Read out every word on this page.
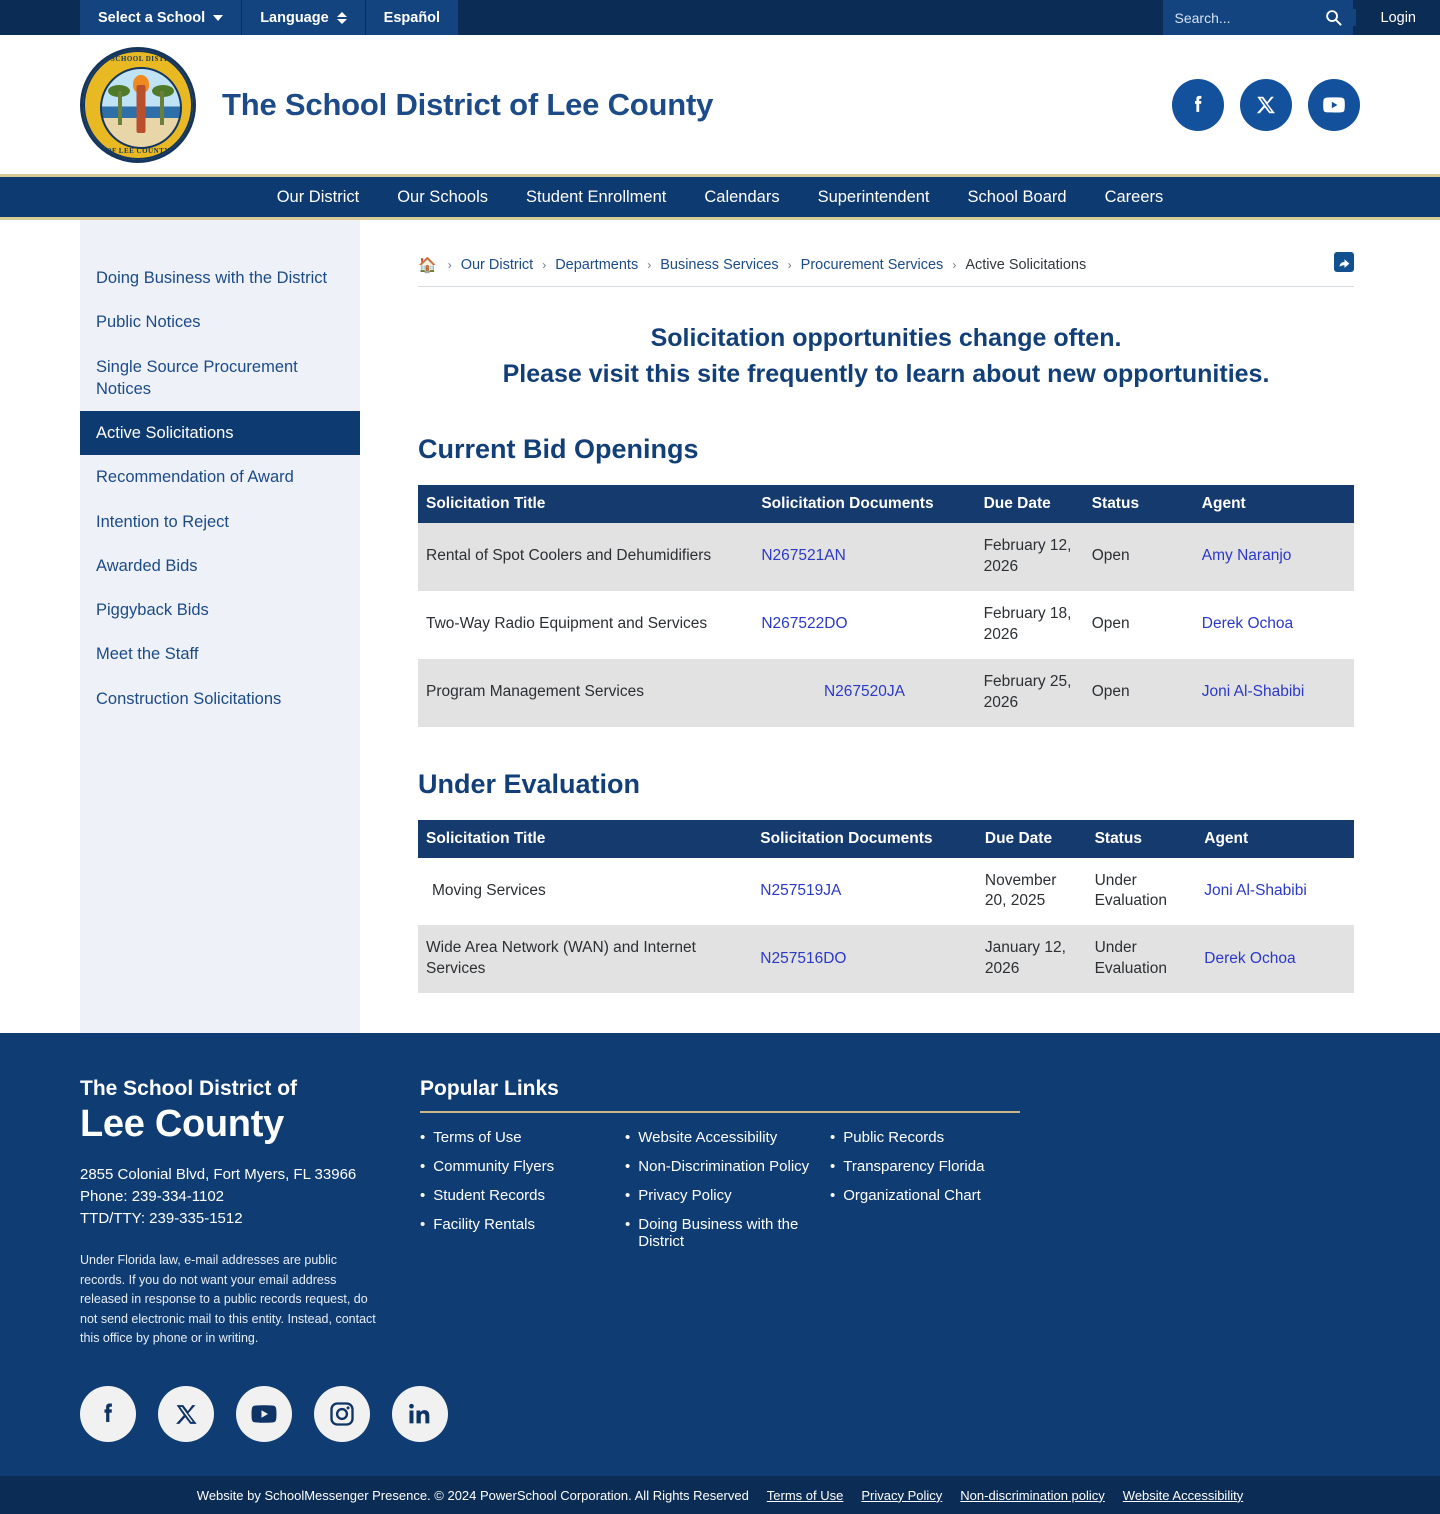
Select a School	Language	Español
Search...	Login
THE SCHOOL DISTRICT
OF LEE COUNTY
The School District of Lee County
Our District	Our Schools	Student Enrollment	Calendars	Superintendent	School Board	Careers
Doing Business with the District
Public Notices
Single Source Procurement Notices
Active Solicitations
Recommendation of Award
Intention to Reject
Awarded Bids
Piggyback Bids
Meet the Staff
Construction Solicitations
🏠 › Our District › Departments › Business Services › Procurement Services › Active Solicitations
Solicitation opportunities change often.
Please visit this site frequently to learn about new opportunities.
Current Bid Openings
Solicitation Title	Solicitation Documents	Due Date	Status	Agent
Rental of Spot Coolers and Dehumidifiers	N267521AN	February 12, 2026	Open	Amy Naranjo
Two-Way Radio Equipment and Services	N267522DO	February 18, 2026	Open	Derek Ochoa
Program Management Services	N267520JA	February 25, 2026	Open	Joni Al-Shabibi
Under Evaluation
Solicitation Title	Solicitation Documents	Due Date	Status	Agent
Moving Services	N257519JA	November 20, 2025	Under Evaluation	Joni Al-Shabibi
Wide Area Network (WAN) and Internet Services	N257516DO	January 12, 2026	Under Evaluation	Derek Ochoa
The School District of
Lee County
2855 Colonial Blvd, Fort Myers, FL 33966
Phone: 239-334-1102
TTD/TTY: 239-335-1512
Under Florida law, e-mail addresses are public records. If you do not want your email address released in response to a public records request, do not send electronic mail to this entity. Instead, contact this office by phone or in writing.
Popular Links
• Terms of Use
• Community Flyers
• Student Records
• Facility Rentals
• Website Accessibility
• Non-Discrimination Policy
• Privacy Policy
• Doing Business with the District
• Public Records
• Transparency Florida
• Organizational Chart
Website by SchoolMessenger Presence. © 2024 PowerSchool Corporation. All Rights Reserved Terms of Use Privacy Policy Non-discrimination policy Website Accessibility
